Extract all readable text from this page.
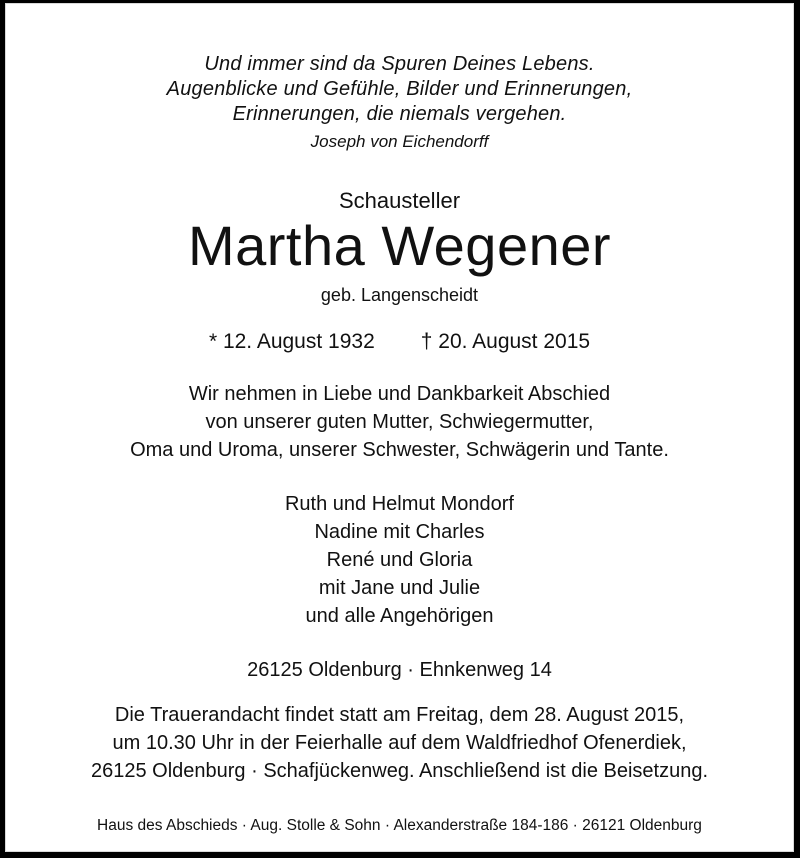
Und immer sind da Spuren Deines Lebens.
Augenblicke und Gefühle, Bilder und Erinnerungen,
Erinnerungen, die niemals vergehen.
Joseph von Eichendorff
Schausteller
Martha Wegener
geb. Langenscheidt
* 12. August 1932 † 20. August 2015
Wir nehmen in Liebe und Dankbarkeit Abschied
von unserer guten Mutter, Schwiegermutter,
Oma und Uroma, unserer Schwester, Schwägerin und Tante.
Ruth und Helmut Mondorf
Nadine mit Charles
René und Gloria
mit Jane und Julie
und alle Angehörigen
26125 Oldenburg · Ehnkenweg 14
Die Trauerandacht findet statt am Freitag, dem 28. August 2015,
um 10.30 Uhr in der Feierhalle auf dem Waldfriedhof Ofenerdiek,
26125 Oldenburg · Schafjückenweg. Anschließend ist die Beisetzung.
Haus des Abschieds · Aug. Stolle & Sohn · Alexanderstraße 184-186 · 26121 Oldenburg
